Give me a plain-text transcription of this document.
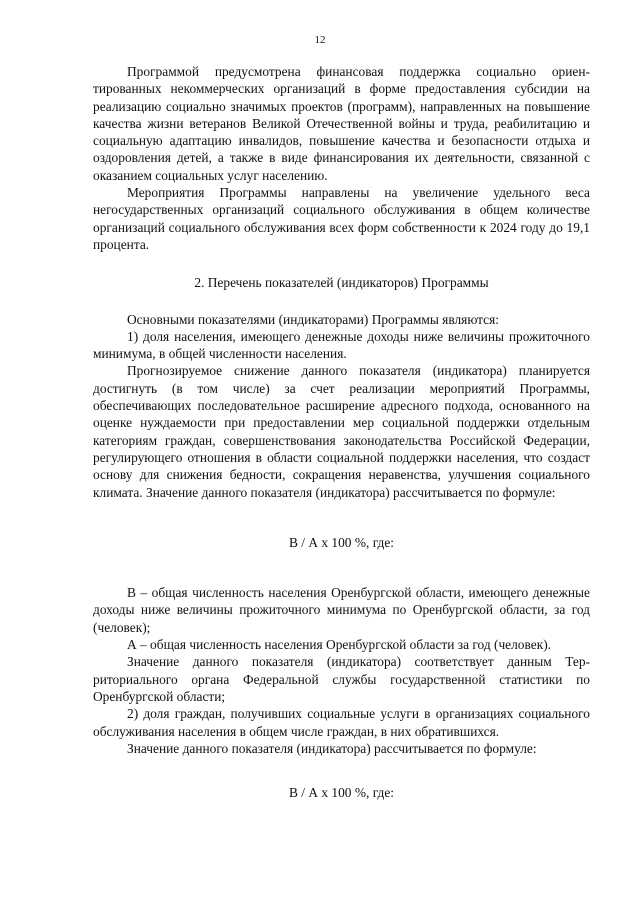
12

Программой предусмотрена финансовая поддержка социально ориентированных некоммерческих организаций в форме предоставления субсидии на реализацию социально значимых проектов (программ), направленных на повышение качества жизни ветеранов Великой Отечественной войны и труда, реабилитацию и социальную адаптацию инвалидов, повышение качества и безопасности отдыха и оздоровления детей, а также в виде финансирования их деятельности, связанной с оказанием социальных услуг населению.

Мероприятия Программы направлены на увеличение удельного веса негосударственных организаций социального обслуживания в общем количестве организаций социального обслуживания всех форм собственности к 2024 году до 19,1 процента.

2. Перечень показателей (индикаторов) Программы

Основными показателями (индикаторами) Программы являются:

1) доля населения, имеющего денежные доходы ниже величины прожиточного минимума, в общей численности населения.

Прогнозируемое снижение данного показателя (индикатора) планируется достигнуть (в том числе) за счет реализации мероприятий Программы, обеспечивающих последовательное расширение адресного подхода, основанного на оценке нуждаемости при предоставлении мер социальной поддержки отдельным категориям граждан, совершенствования законодательства Российской Федерации, регулирующего отношения в области социальной поддержки населения, что создаст основу для снижения бедности, сокращения неравенства, улучшения социального климата. Значение данного показателя (индикатора) рассчитывается по формуле:

В / А х 100 %, где:

В – общая численность населения Оренбургской области, имеющего денежные доходы ниже величины прожиточного минимума по Оренбургской области, за год (человек);

А – общая численность населения Оренбургской области за год (человек).

Значение данного показателя (индикатора) соответствует данным Территориального органа Федеральной службы государственной статистики по Оренбургской области;

2) доля граждан, получивших социальные услуги в организациях социального обслуживания населения в общем числе граждан, в них обратившихся.

Значение данного показателя (индикатора) рассчитывается по формуле:

В / А х 100 %, где:
